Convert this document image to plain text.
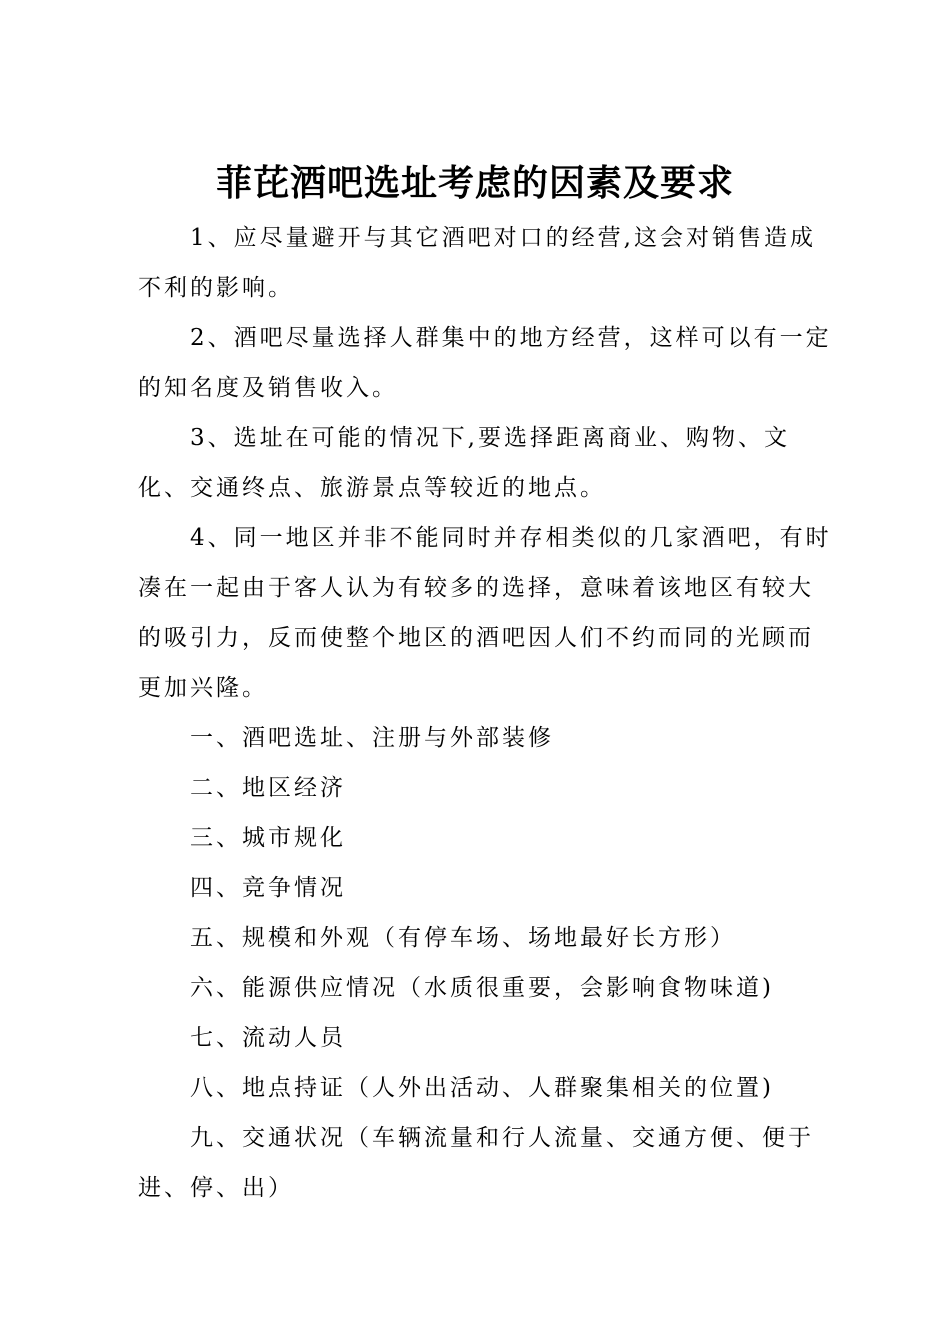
菲芘酒吧选址考虑的因素及要求

1、应尽量避开与其它酒吧对口的经营,这会对销售造成不利的影响。

2、酒吧尽量选择人群集中的地方经营，这样可以有一定的知名度及销售收入。

3、选址在可能的情况下,要选择距离商业、购物、文化、交通终点、旅游景点等较近的地点。

4、同一地区并非不能同时并存相类似的几家酒吧，有时凑在一起由于客人认为有较多的选择，意味着该地区有较大的吸引力，反而使整个地区的酒吧因人们不约而同的光顾而更加兴隆。

一、酒吧选址、注册与外部装修

二、地区经济

三、城市规化

四、竞争情况

五、规模和外观（有停车场、场地最好长方形）

六、能源供应情况（水质很重要，会影响食物味道)

七、流动人员

八、地点持证（人外出活动、人群聚集相关的位置)

九、交通状况（车辆流量和行人流量、交通方便、便于进、停、出）
